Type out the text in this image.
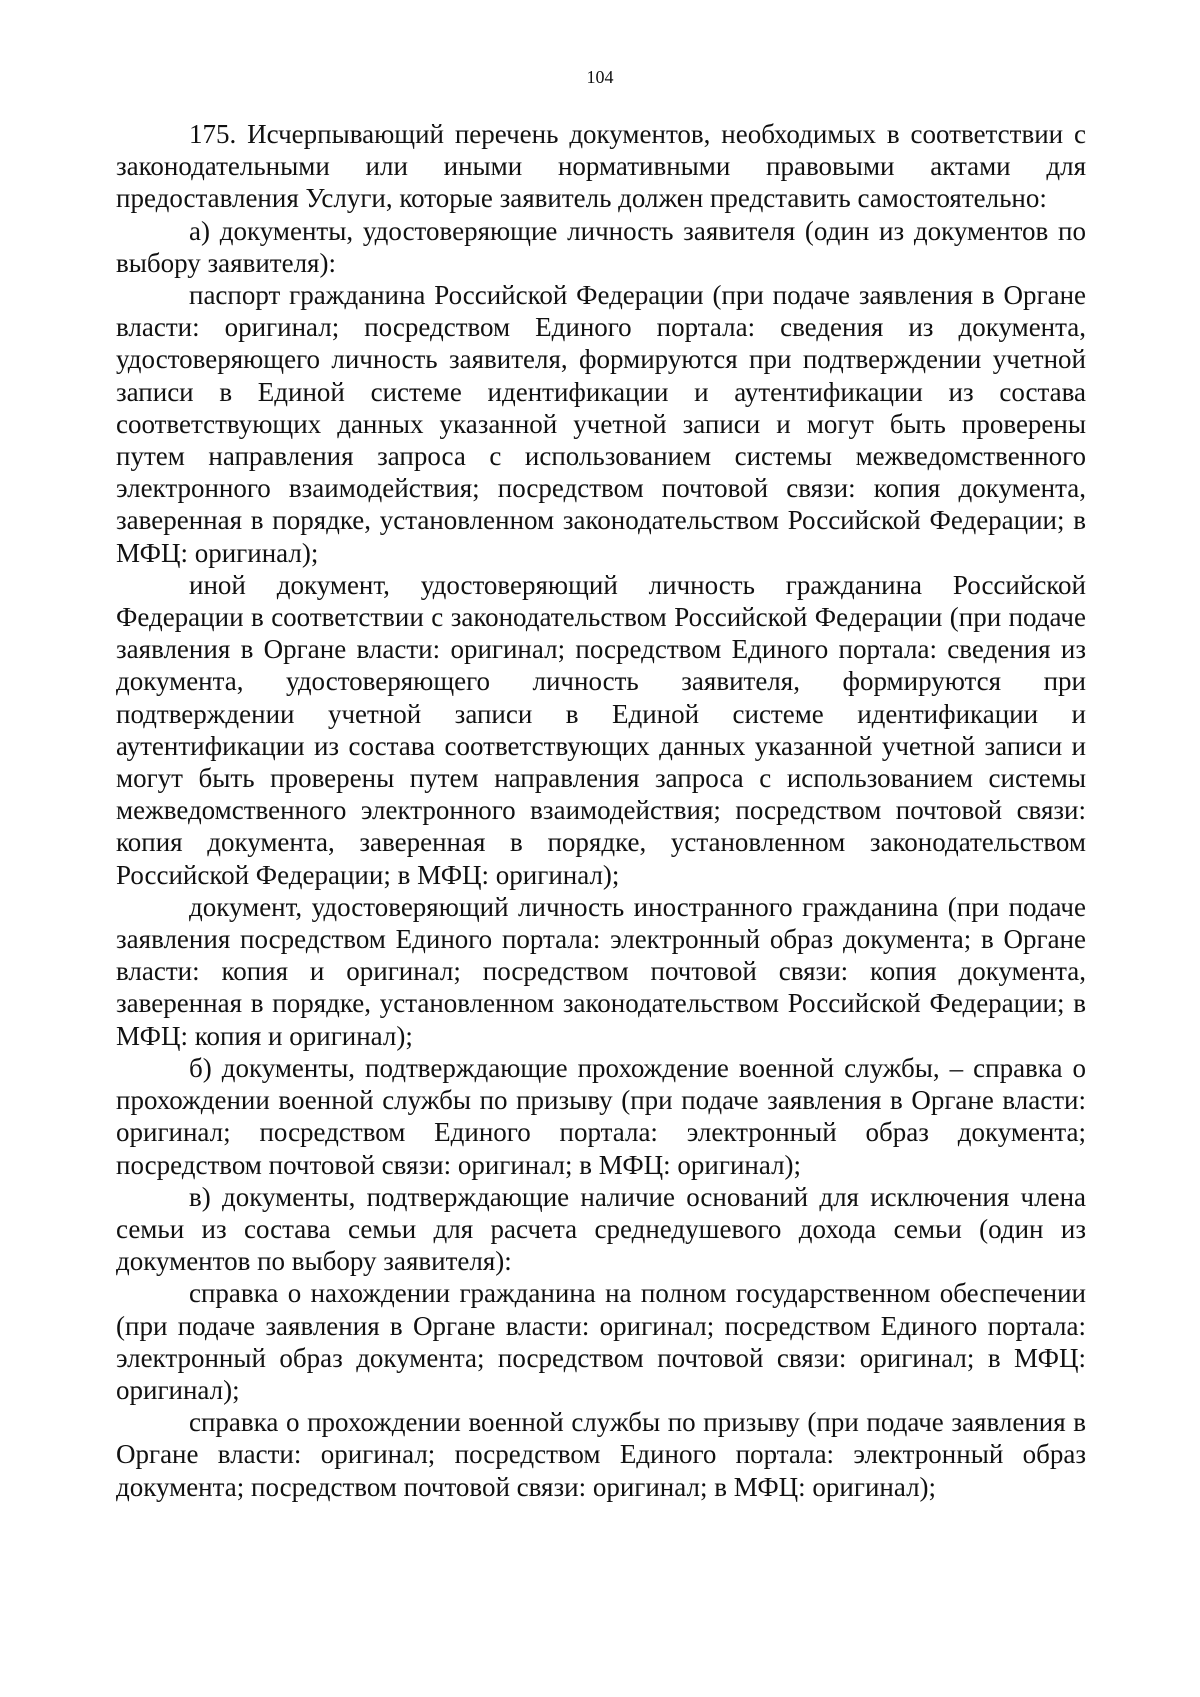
104

175. Исчерпывающий перечень документов, необходимых в соответствии с законодательными или иными нормативными правовыми актами для предоставления Услуги, которые заявитель должен представить самостоятельно:

а) документы, удостоверяющие личность заявителя (один из документов по выбору заявителя):

паспорт гражданина Российской Федерации (при подаче заявления в Органе власти: оригинал; посредством Единого портала: сведения из документа, удостоверяющего личность заявителя, формируются при подтверждении учетной записи в Единой системе идентификации и аутентификации из состава соответствующих данных указанной учетной записи и могут быть проверены путем направления запроса с использованием системы межведомственного электронного взаимодействия; посредством почтовой связи: копия документа, заверенная в порядке, установленном законодательством Российской Федерации; в МФЦ: оригинал);

иной документ, удостоверяющий личность гражданина Российской Федерации в соответствии с законодательством Российской Федерации (при подаче заявления в Органе власти: оригинал; посредством Единого портала: сведения из документа, удостоверяющего личность заявителя, формируются при подтверждении учетной записи в Единой системе идентификации и аутентификации из состава соответствующих данных указанной учетной записи и могут быть проверены путем направления запроса с использованием системы межведомственного электронного взаимодействия; посредством почтовой связи: копия документа, заверенная в порядке, установленном законодательством Российской Федерации; в МФЦ: оригинал);

документ, удостоверяющий личность иностранного гражданина (при подаче заявления посредством Единого портала: электронный образ документа; в Органе власти: копия и оригинал; посредством почтовой связи: копия документа, заверенная в порядке, установленном законодательством Российской Федерации; в МФЦ: копия и оригинал);

б) документы, подтверждающие прохождение военной службы, – справка о прохождении военной службы по призыву (при подаче заявления в Органе власти: оригинал; посредством Единого портала: электронный образ документа; посредством почтовой связи: оригинал; в МФЦ: оригинал);

в) документы, подтверждающие наличие оснований для исключения члена семьи из состава семьи для расчета среднедушевого дохода семьи (один из документов по выбору заявителя):

справка о нахождении гражданина на полном государственном обеспечении (при подаче заявления в Органе власти: оригинал; посредством Единого портала: электронный образ документа; посредством почтовой связи: оригинал; в МФЦ: оригинал);

справка о прохождении военной службы по призыву (при подаче заявления в Органе власти: оригинал; посредством Единого портала: электронный образ документа; посредством почтовой связи: оригинал; в МФЦ: оригинал);
